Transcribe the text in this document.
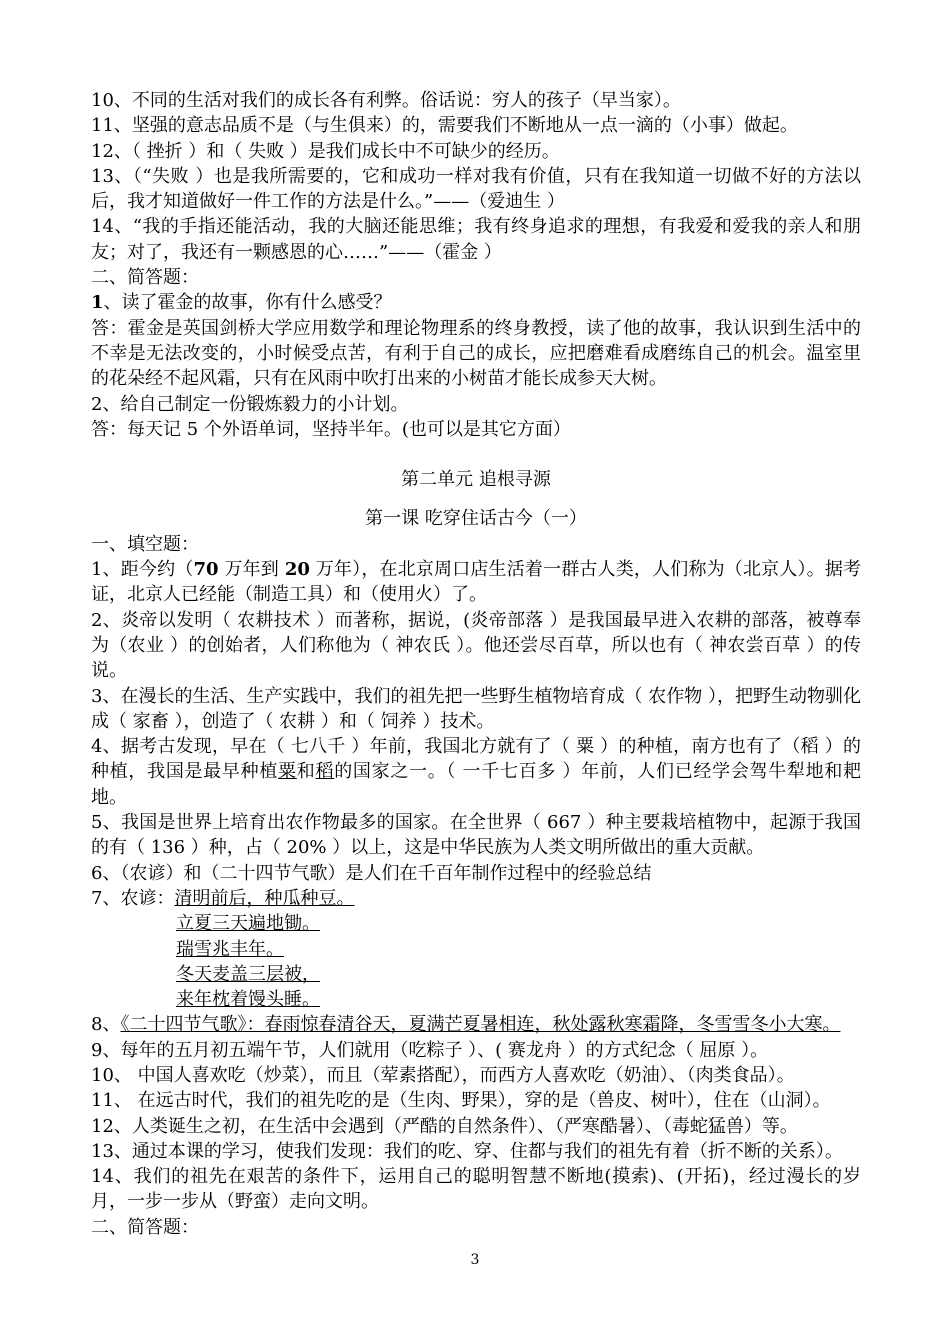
10、不同的生活对我们的成长各有利弊。俗话说：穷人的孩子（早当家）。

11、坚强的意志品质不是（与生俱来）的，需要我们不断地从一点一滴的（小事）做起。

12、（ 挫折 ）和（ 失败 ）是我们成长中不可缺少的经历。

13、（“失败 ）也是我所需要的，它和成功一样对我有价值，只有在我知道一切做不好的方法以后，我才知道做好一件工作的方法是什么。”——（爱迪生 ）

14、“我的手指还能活动，我的大脑还能思维；我有终身追求的理想，有我爱和爱我的亲人和朋友；对了，我还有一颗感恩的心……”——（霍金 ）

二、简答题：

1、读了霍金的故事，你有什么感受？

答：霍金是英国剑桥大学应用数学和理论物理系的终身教授，读了他的故事，我认识到生活中的不幸是无法改变的，小时候受点苦，有利于自己的成长，应把磨难看成磨练自己的机会。温室里的花朵经不起风霜，只有在风雨中吹打出来的小树苗才能长成参天大树。

2、给自己制定一份锻炼毅力的小计划。

答：每天记 5 个外语单词，坚持半年。(也可以是其它方面）

第二单元 追根寻源

第一课 吃穿住话古今（一）

一、填空题：

1、距今约（70 万年到 20 万年），在北京周口店生活着一群古人类，人们称为（北京人）。据考证，北京人已经能（制造工具）和（使用火）了。

2、炎帝以发明（ 农耕技术 ）而著称，据说，(炎帝部落 ）是我国最早进入农耕的部落，被尊奉为（农业 ）的创始者，人们称他为（ 神农氏 ）。他还尝尽百草，所以也有（ 神农尝百草 ）的传说。

3、在漫长的生活、生产实践中，我们的祖先把一些野生植物培育成（ 农作物 ），把野生动物驯化成（ 家畜 ），创造了（ 农耕 ）和（ 饲养 ）技术。

4、据考古发现，早在（ 七八千 ）年前，我国北方就有了（ 粟 ）的种植，南方也有了（稻 ）的种植，我国是最早种植粟和稻的国家之一。（ 一千七百多 ）年前，人们已经学会驾牛犁地和耙地。

5、我国是世界上培育出农作物最多的国家。在全世界（ 667 ）种主要栽培植物中，起源于我国的有（ 136 ）种，占（ 20% ）以上，这是中华民族为人类文明所做出的重大贡献。

6、（农谚）和（二十四节气歌）是人们在千百年制作过程中的经验总结

7、农谚：清明前后，种瓜种豆。
立夏三天遍地锄。
瑞雪兆丰年。
冬天麦盖三层被，
来年枕着馒头睡。

8、《二十四节气歌》：春雨惊春清谷天，夏满芒夏暑相连，秋处露秋寒霜降，冬雪雪冬小大寒。

9、每年的五月初五端午节，人们就用（吃粽子 ）、( 赛龙舟 ）的方式纪念（ 屈原 ）。

10、 中国人喜欢吃（炒菜），而且（荤素搭配），而西方人喜欢吃（奶油）、（肉类食品）。

11、 在远古时代，我们的祖先吃的是（生肉、野果），穿的是（兽皮、树叶），住在（山洞）。

12、人类诞生之初，在生活中会遇到（严酷的自然条件）、（严寒酷暑）、（毒蛇猛兽）等。

13、通过本课的学习，使我们发现：我们的吃、穿、住都与我们的祖先有着（折不断的关系）。

14、我们的祖先在艰苦的条件下，运用自己的聪明智慧不断地(摸索)、(开拓)，经过漫长的岁月，一步一步从（野蛮）走向文明。

二、简答题：

3
